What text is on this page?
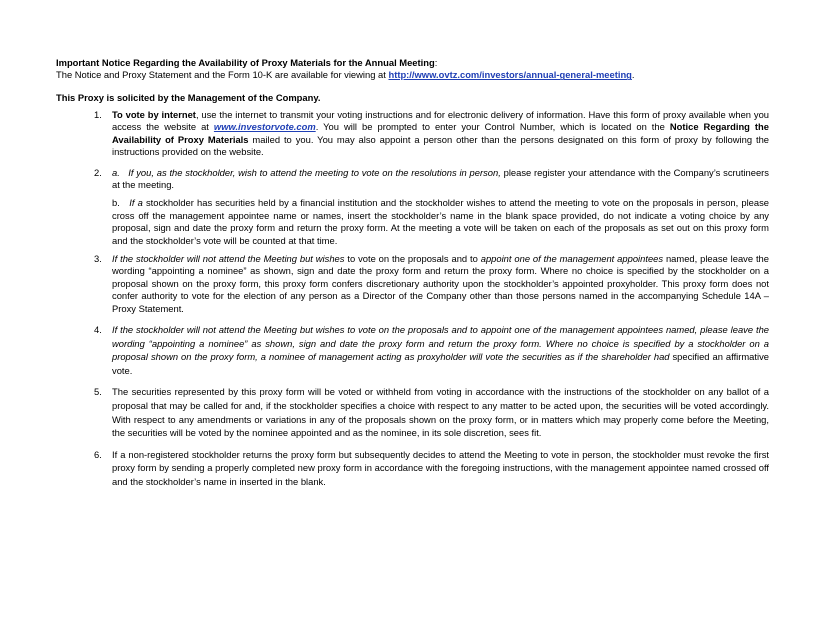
Important Notice Regarding the Availability of Proxy Materials for the Annual Meeting:
The Notice and Proxy Statement and the Form 10-K are available for viewing at http://www.ovtz.com/investors/annual-general-meeting.
This Proxy is solicited by the Management of the Company.
1. To vote by internet, use the internet to transmit your voting instructions and for electronic delivery of information. Have this form of proxy available when you access the website at www.investorvote.com. You will be prompted to enter your Control Number, which is located on the Notice Regarding the Availability of Proxy Materials mailed to you. You may also appoint a person other than the persons designated on this form of proxy by following the instructions provided on the website.
2. a. If you, as the stockholder, wish to attend the meeting to vote on the resolutions in person, please register your attendance with the Company’s scrutineers at the meeting.
b. If a stockholder has securities held by a financial institution and the stockholder wishes to attend the meeting to vote on the proposals in person, please cross off the management appointee name or names, insert the stockholder’s name in the blank space provided, do not indicate a voting choice by any proposal, sign and date the proxy form and return the proxy form. At the meeting a vote will be taken on each of the proposals as set out on this proxy form and the stockholder’s vote will be counted at that time.
3. If the stockholder will not attend the Meeting but wishes to vote on the proposals and to appoint one of the management appointees named, please leave the wording “appointing a nominee” as shown, sign and date the proxy form and return the proxy form. Where no choice is specified by the stockholder on a proposal shown on the proxy form, this proxy form confers discretionary authority upon the stockholder’s appointed proxyholder. This proxy form does not confer authority to vote for the election of any person as a Director of the Company other than those persons named in the accompanying Schedule 14A – Proxy Statement.
4. If the stockholder will not attend the Meeting but wishes to vote on the proposals and to appoint one of the management appointees named, please leave the wording “appointing a nominee” as shown, sign and date the proxy form and return the proxy form. Where no choice is specified by a stockholder on a proposal shown on the proxy form, a nominee of management acting as proxyholder will vote the securities as if the shareholder had specified an affirmative vote.
5. The securities represented by this proxy form will be voted or withheld from voting in accordance with the instructions of the stockholder on any ballot of a proposal that may be called for and, if the stockholder specifies a choice with respect to any matter to be acted upon, the securities will be voted accordingly. With respect to any amendments or variations in any of the proposals shown on the proxy form, or in matters which may properly come before the Meeting, the securities will be voted by the nominee appointed and as the nominee, in its sole discretion, sees fit.
6. If a non-registered stockholder returns the proxy form but subsequently decides to attend the Meeting to vote in person, the stockholder must revoke the first proxy form by sending a properly completed new proxy form in accordance with the foregoing instructions, with the management appointee named crossed off and the stockholder’s name in inserted in the blank.
